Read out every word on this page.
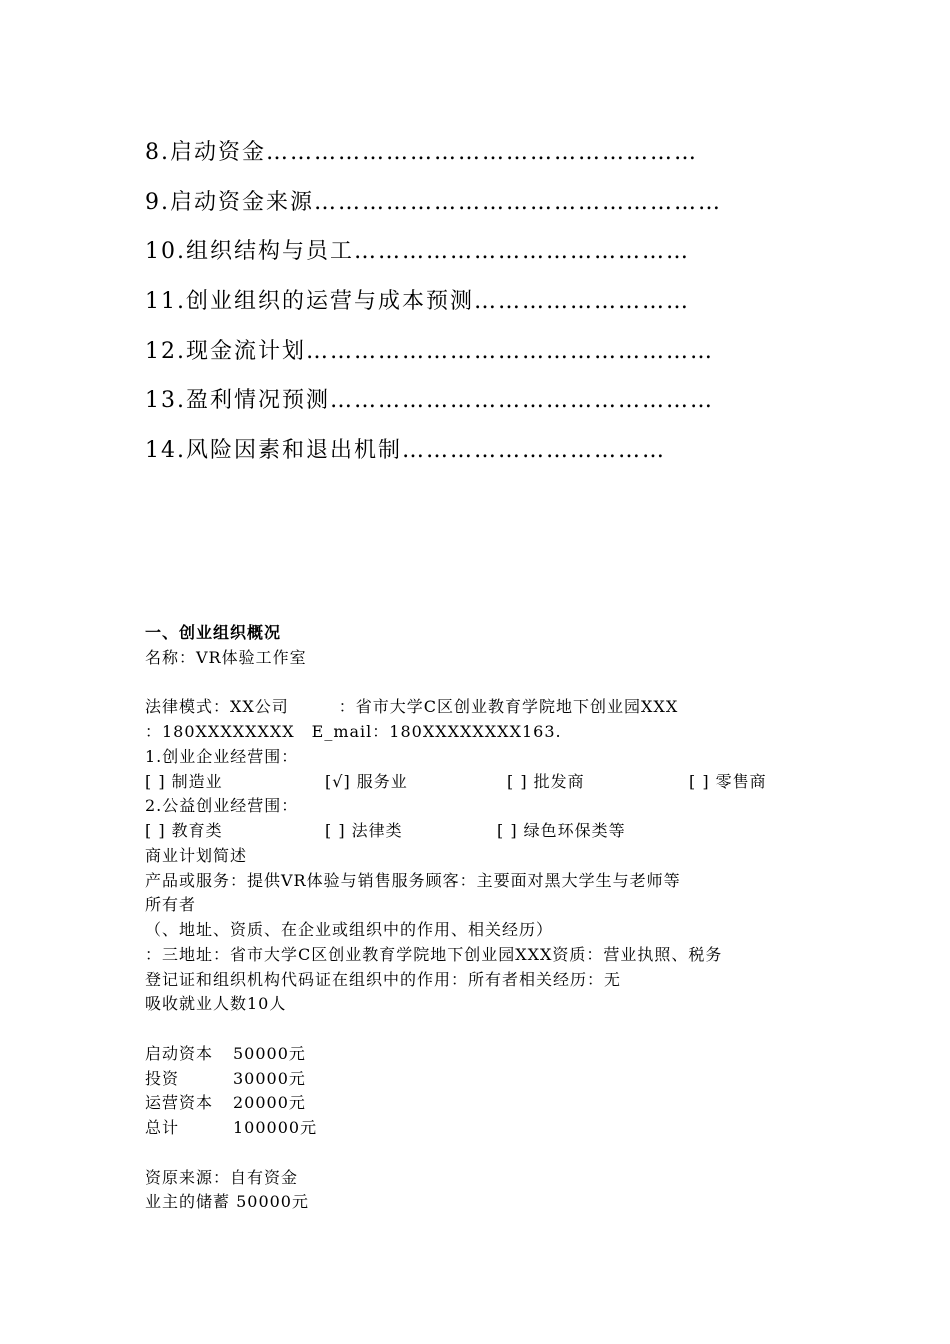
8.启动资金………………………………………………
9.启动资金来源……………………………………………
10.组织结构与员工……………………………………
11.创业组织的运营与成本预测………………………
12.现金流计划……………………………………………
13.盈利情况预测…………………………………………
14.风险因素和退出机制……………………………
一、创业组织概况
名称：VR体验工作室
法律模式：XX公司	：省市大学C区创业教育学院地下创业园XXX
：180XXXXXXXX　E_mail：180XXXXXXXX163.
1.创业企业经营围：
[ ] 制造业	[√] 服务业	[ ] 批发商	[ ] 零售商
2.公益创业经营围：
[ ] 教育类	[ ] 法律类	[ ] 绿色环保类等
商业计划简述
产品或服务：提供VR体验与销售服务顾客：主要面对黑大学生与老师等
所有者
（、地址、资质、在企业或组织中的作用、相关经历）
：三地址：省市大学C区创业教育学院地下创业园XXX资质：营业执照、税务
登记证和组织机构代码证在组织中的作用：所有者相关经历：无
吸收就业人数10人
启动资本 50000元
投资	30000元
运营资本 20000元
总计	100000元
资原来源：自有资金
业主的储蓄 50000元
